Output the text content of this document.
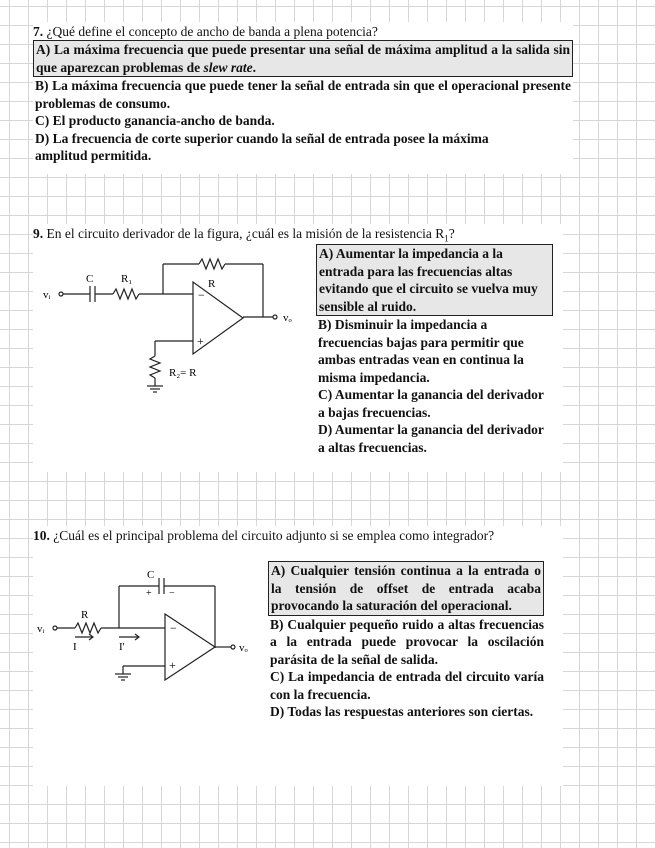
7. ¿Qué define el concepto de ancho de banda a plena potencia?

A) La máxima frecuencia que puede presentar una señal de máxima amplitud a la salida sin que aparezcan problemas de slew rate.
B) La máxima frecuencia que puede tener la señal de entrada sin que el operacional presente problemas de consumo.
C) El producto ganancia-ancho de banda.
D) La frecuencia de corte superior cuando la señal de entrada posee la máxima amplitud permitida.

9. En el circuito derivador de la figura, ¿cuál es la misión de la resistencia $R_1$?

vᵢ
C	R₁	R
−
+
vₒ
R₂= R
A) Aumentar la impedancia a la entrada para las frecuencias altas evitando que el circuito se vuelva muy sensible al ruido.
B) Disminuir la impedancia a frecuencias bajas para permitir que ambas entradas vean en continua la misma impedancia.
C) Aumentar la ganancia del derivador a bajas frecuencias.
D) Aumentar la ganancia del derivador a altas frecuencias.

10. ¿Cuál es el principal problema del circuito adjunto si se emplea como integrador?

vᵢ
C
+ −
R
I	I'
−
+
vₒ
A) Cualquier tensión continua a la entrada o la tensión de offset de entrada acaba provocando la saturación del operacional.
B) Cualquier pequeño ruido a altas frecuencias a la entrada puede provocar la oscilación parásita de la señal de salida.
C) La impedancia de entrada del circuito varía con la frecuencia.
D) Todas las respuestas anteriores son ciertas.
